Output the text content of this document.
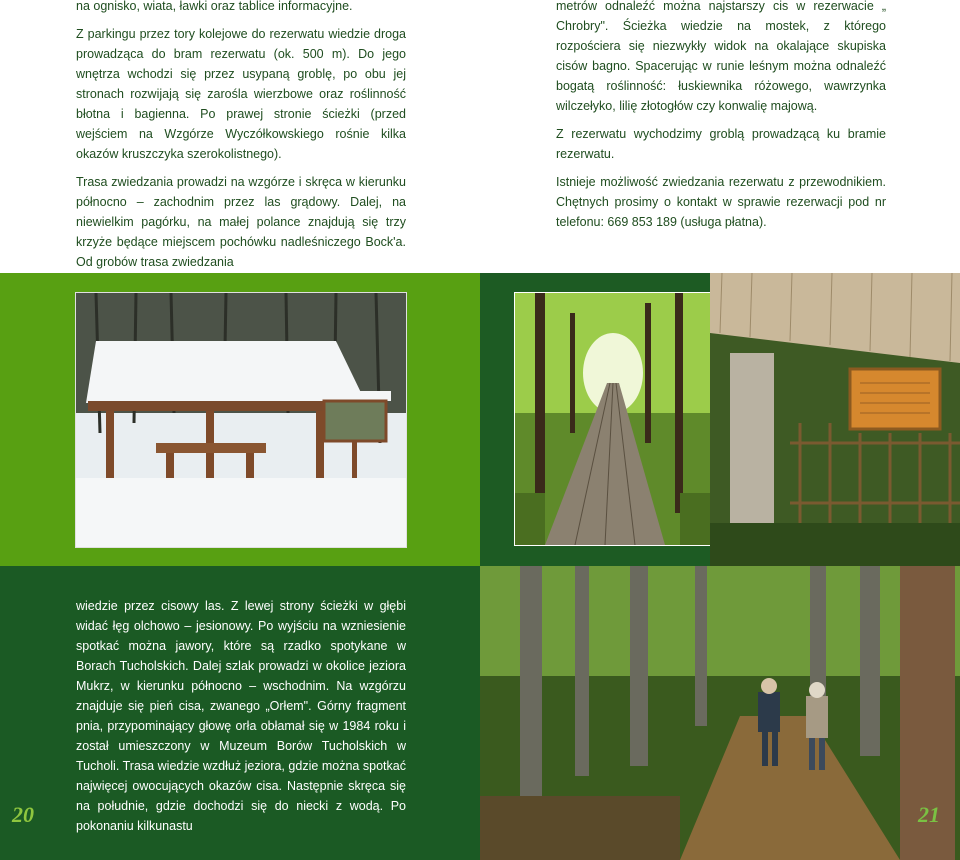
na ognisko, wiata, ławki oraz tablice informacyjne.

Z parkingu przez tory kolejowe do rezerwatu wiedzie droga prowadząca do bram rezerwatu (ok. 500 m). Do jego wnętrza wchodzi się przez usypaną groblę, po obu jej stronach rozwijają się zarośla wierzbowe oraz roślinność błotna i bagienna. Po prawej stronie ścieżki (przed wejściem na Wzgórze Wyczółkowskiego rośnie kilka okazów kruszczyka szerokolistnego).

Trasa zwiedzania prowadzi na wzgórze i skręca w kierunku północno – zachodnim przez las grądowy. Dalej, na niewielkim pagórku, na małej polance znajdują się trzy krzyże będące miejscem pochówku nadleśniczego Bock'a. Od grobów trasa zwiedzania

metrów odnaleźć można najstarszy cis w rezerwacie „ Chrobry". Ścieżka wiedzie na mostek, z którego rozpościera się niezwykły widok na okalające skupiska cisów bagno. Spacerując w runie leśnym można odnaleźć bogatą roślinność: łuskiewnika różowego, wawrzynka wilczełyko, lilię złotogłów czy konwalię majową.

Z rezerwatu wychodzimy groblą prowadzącą ku bramie rezerwatu.

Istnieje możliwość zwiedzania rezerwatu z przewodnikiem. Chętnych prosimy o kontakt w sprawie rezerwacji pod nr telefonu: 669 853 189 (usługa płatna).

wiedzie przez cisowy las. Z lewej strony ścieżki w głębi widać łęg olchowo – jesionowy. Po wyjściu na wzniesienie spotkać można jawory, które są rzadko spotykane w Borach Tucholskich. Dalej szlak prowadzi w okolice jeziora Mukrz, w kierunku północno – wschodnim. Na wzgórzu znajduje się pień cisa, zwanego „Orłem". Górny fragment pnia, przypominający głowę orła obłamał się w 1984 roku i został umieszczony w Muzeum Borów Tucholskich w Tucholi. Trasa wiedzie wzdłuż jeziora, gdzie można spotkać najwięcej owocujących okazów cisa. Następnie skręca się na południe, gdzie dochodzi się do niecki z wodą. Po pokonaniu kilkunastu

20	21
